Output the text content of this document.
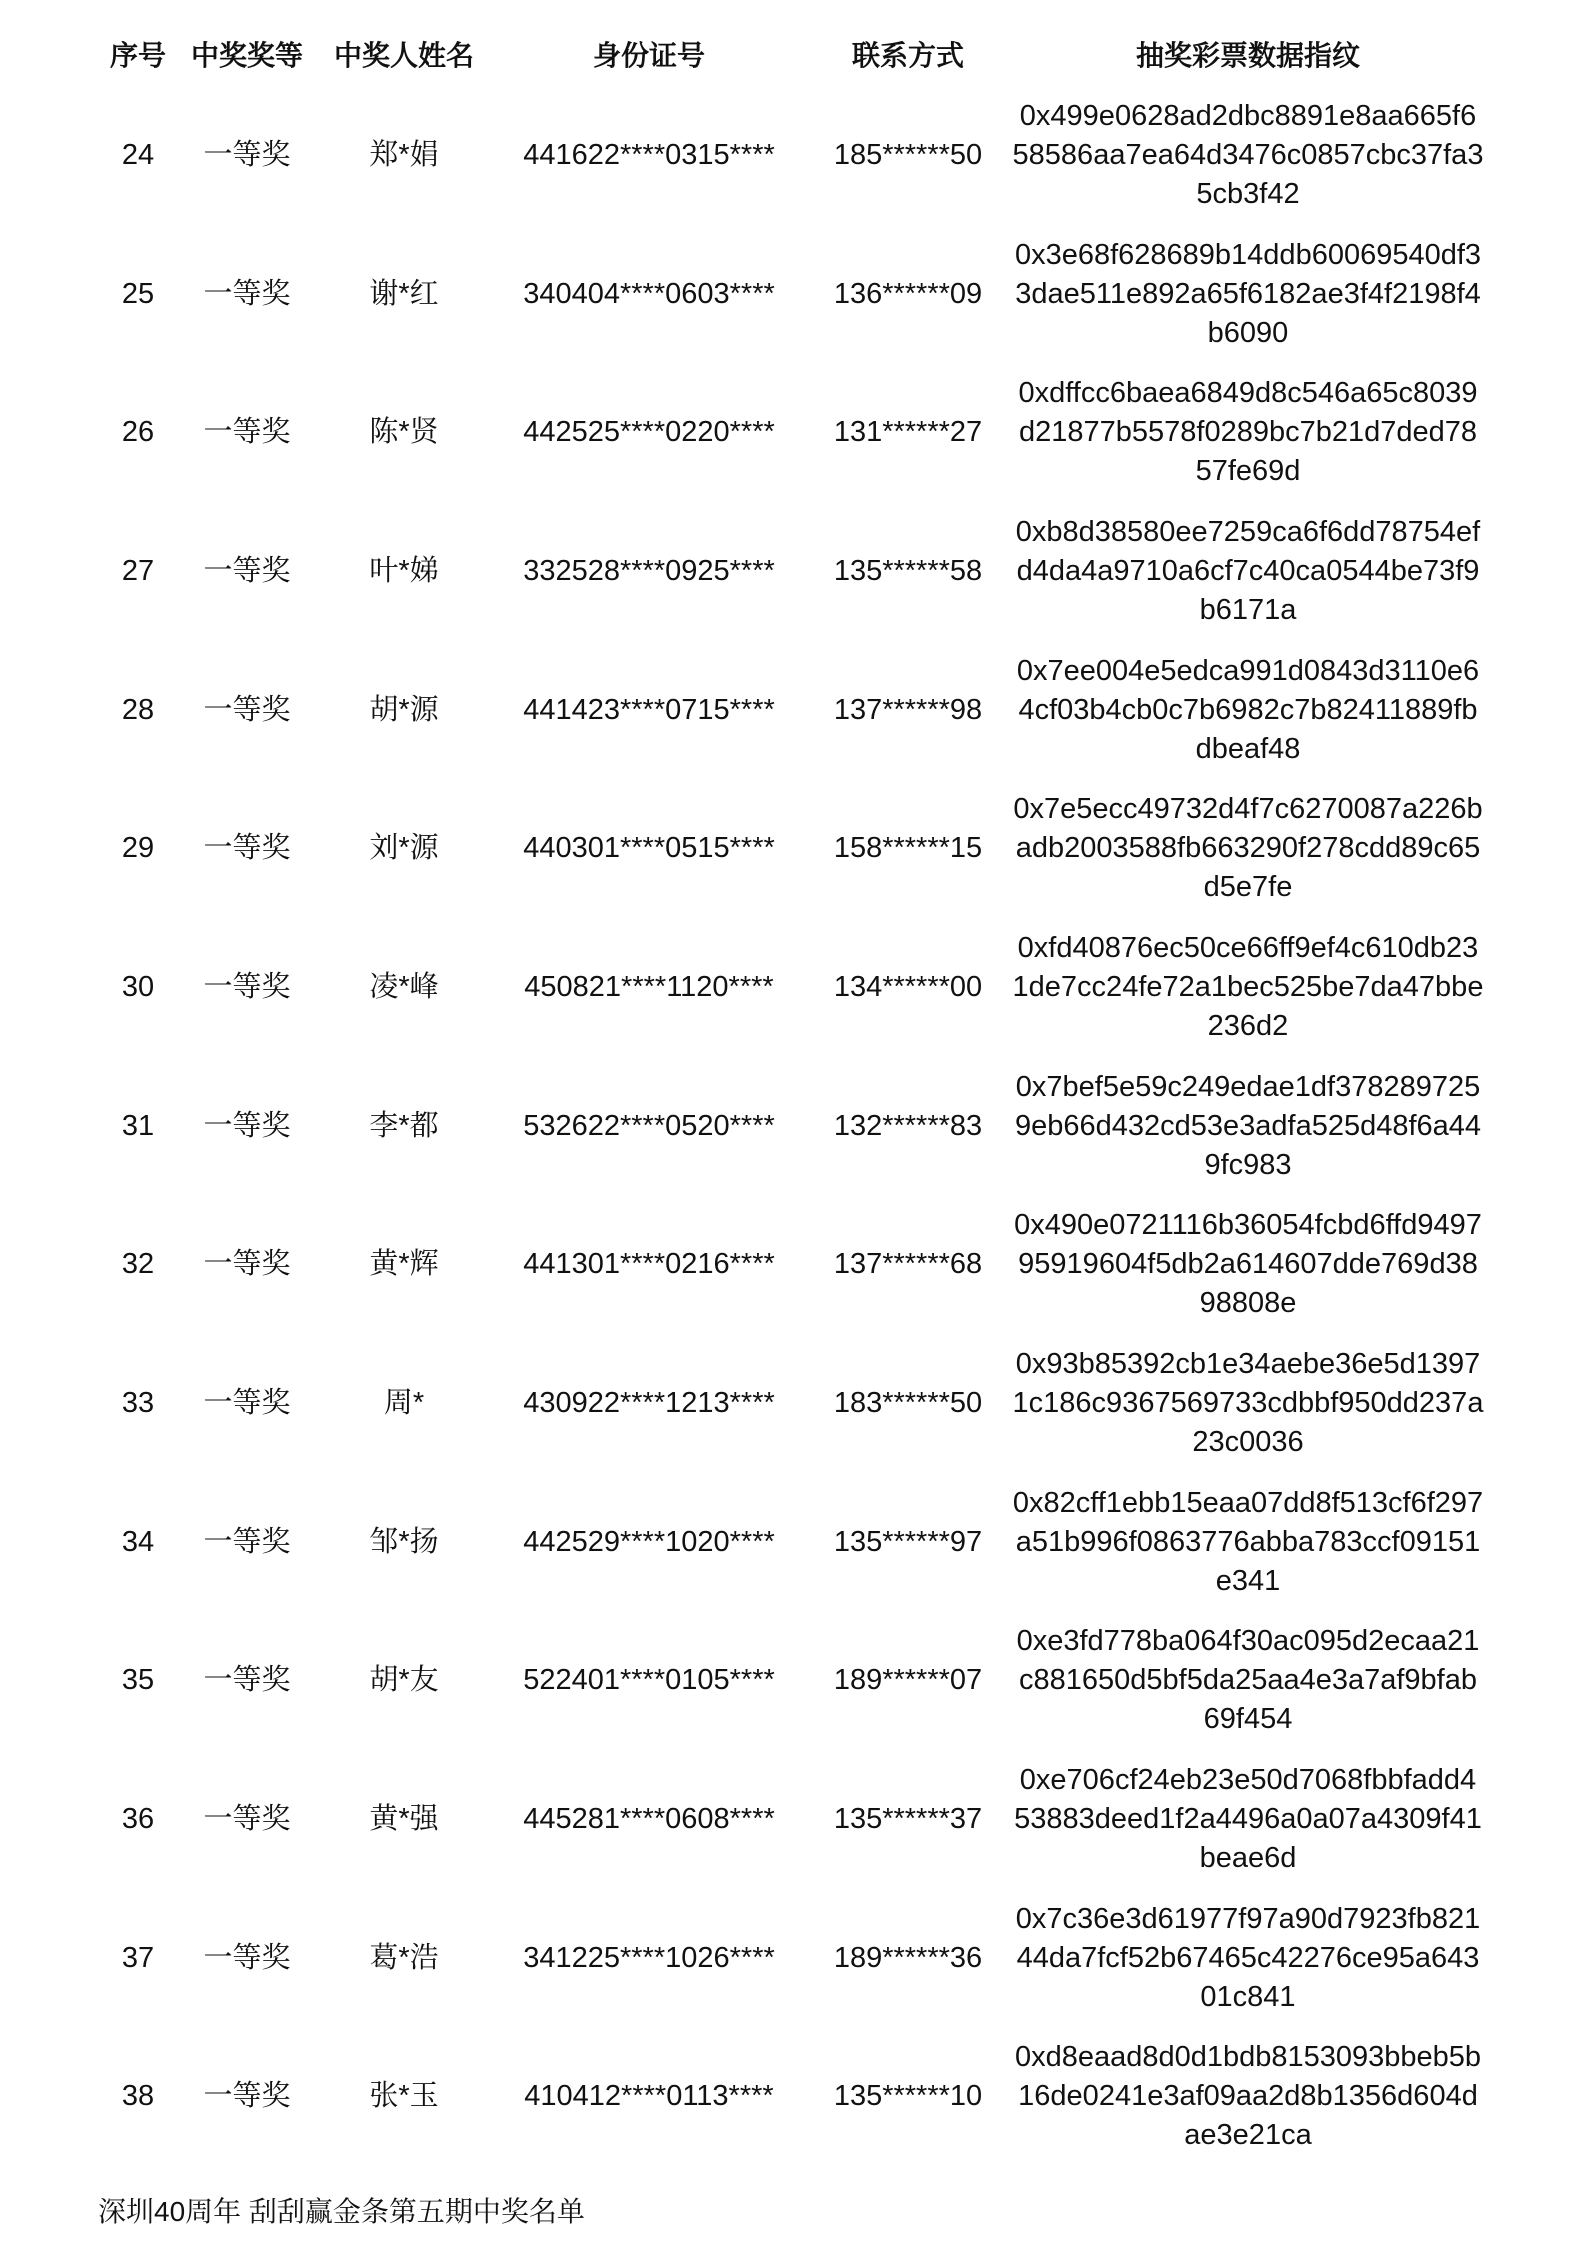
序号 中奖奖等	中奖人姓名	身份证号	联系方式	抽奖彩票数据指纹
24	一等奖	郑*娟	441622****0315****	185******50
0x499e0628ad2dbc8891e8aa665f658586aa7ea64d3476c0857cbc37fa35cb3f42
25	一等奖	谢*红	340404****0603****	136******09
0x3e68f628689b14ddb60069540df33dae511e892a65f6182ae3f4f2198f4b6090
26	一等奖	陈*贤	442525****0220****	131******27
0xdffcc6baea6849d8c546a65c8039d21877b5578f0289bc7b21d7ded7857fe69d
27	一等奖	叶*娣	332528****0925****	135******58
0xb8d38580ee7259ca6f6dd78754efd4da4a9710a6cf7c40ca0544be73f9b6171a
28	一等奖	胡*源	441423****0715****	137******98
0x7ee004e5edca991d0843d3110e64cf03b4cb0c7b6982c7b82411889fbdbeaf48
29	一等奖	刘*源	440301****0515****	158******15
0x7e5ecc49732d4f7c6270087a226badb2003588fb663290f278cdd89c65d5e7fe
30	一等奖	凌*峰	450821****1120****	134******00
0xfd40876ec50ce66ff9ef4c610db231de7cc24fe72a1bec525be7da47bbe236d2
31	一等奖	李*都	532622****0520****	132******83
0x7bef5e59c249edae1df3782897259eb66d432cd53e3adfa525d48f6a449fc983
32	一等奖	黄*辉	441301****0216****	137******68
0x490e0721116b36054fcbd6ffd949795919604f5db2a614607dde769d3898808e
33	一等奖	周*	430922****1213****	183******50
0x93b85392cb1e34aebe36e5d13971c186c9367569733cdbbf950dd237a23c0036
34	一等奖	邹*扬	442529****1020****	135******97
0x82cff1ebb15eaa07dd8f513cf6f297a51b996f0863776abba783ccf09151e341
35	一等奖	胡*友	522401****0105****	189******07
0xe3fd778ba064f30ac095d2ecaa21c881650d5bf5da25aa4e3a7af9bfab69f454
36	一等奖	黄*强	445281****0608****	135******37
0xe706cf24eb23e50d7068fbbfadd453883deed1f2a4496a0a07a4309f41beae6d
37	一等奖	葛*浩	341225****1026****	189******36
0x7c36e3d61977f97a90d7923fb82144da7fcf52b67465c42276ce95a64301c841
38	一等奖	张*玉	410412****0113****	135******10
0xd8eaad8d0d1bdb8153093bbeb5b16de0241e3af09aa2d8b1356d604dae3e21ca
深圳40周年 刮刮赢金条第五期中奖名单
